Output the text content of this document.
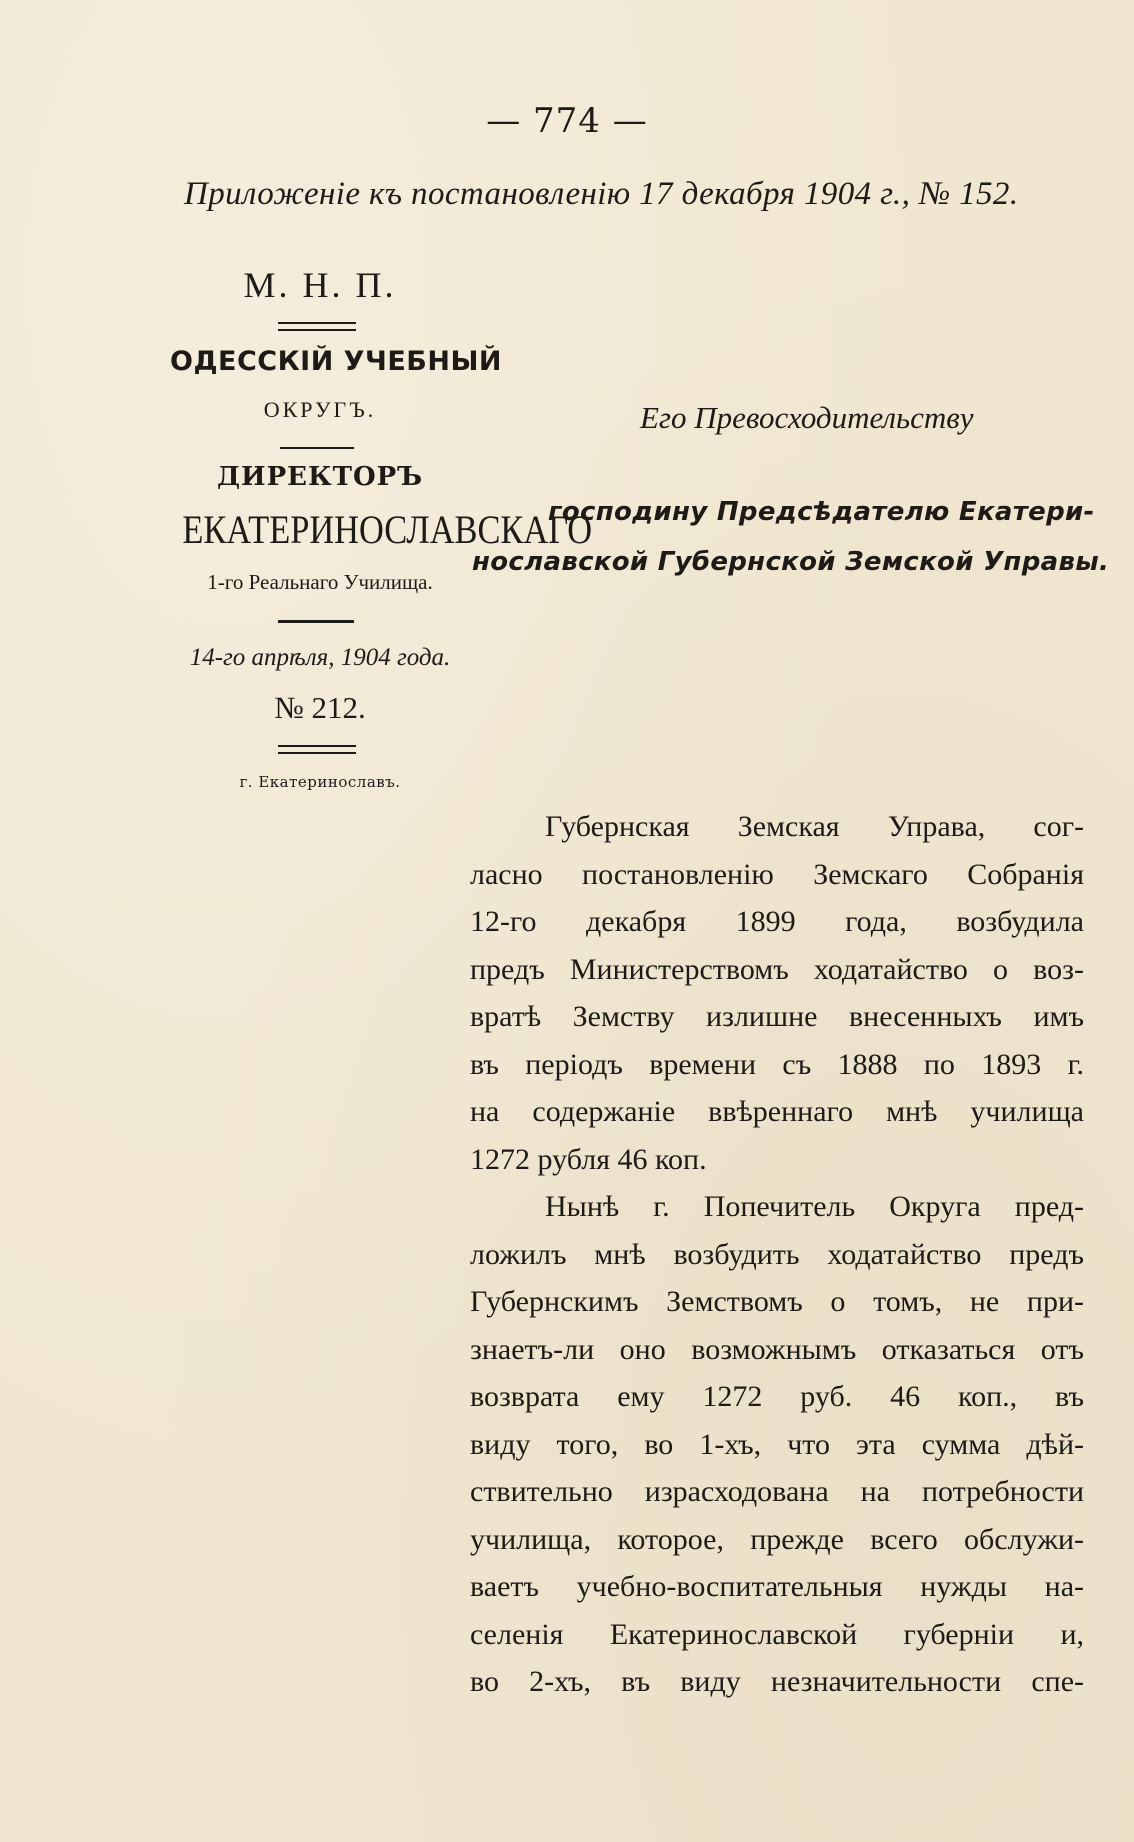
— 774 —
Приложеніе къ постановленію 17 декабря 1904 г., № 152.
М. Н. П.
ОДЕССКІЙ УЧЕБНЫЙ
ОКРУГЪ.
ДИРЕКТОРЪ
ЕКАТЕРИНОСЛАВСКАГО
1-го Реальнаго Училища.
14-го апрѣля, 1904 года.
№ 212.
г. Екатеринославъ.
Его Превосходительству
господину Предсѣдателю Екатери-
нославской Губернской Земской Управы.
Губернская Земская Управа, сог-
ласно постановленію Земскаго Собранія
12-го декабря 1899 года, возбудила
предъ Министерствомъ ходатайство о воз-
вратѣ Земству излишне внесенныхъ имъ
въ періодъ времени съ 1888 по 1893 г.
на содержаніе ввѣреннаго мнѣ училища
1272 рубля 46 коп.
Нынѣ г. Попечитель Округа пред-
ложилъ мнѣ возбудить ходатайство предъ
Губернскимъ Земствомъ о томъ, не при-
знаетъ-ли оно возможнымъ отказаться отъ
возврата ему 1272 руб. 46 коп., въ
виду того, во 1-хъ, что эта сумма дѣй-
ствительно израсходована на потребности
училища, которое, прежде всего обслужи-
ваетъ учебно-воспитательныя нужды на-
селенія Екатеринославской губерніи и,
во 2-хъ, въ виду незначительности спе-
